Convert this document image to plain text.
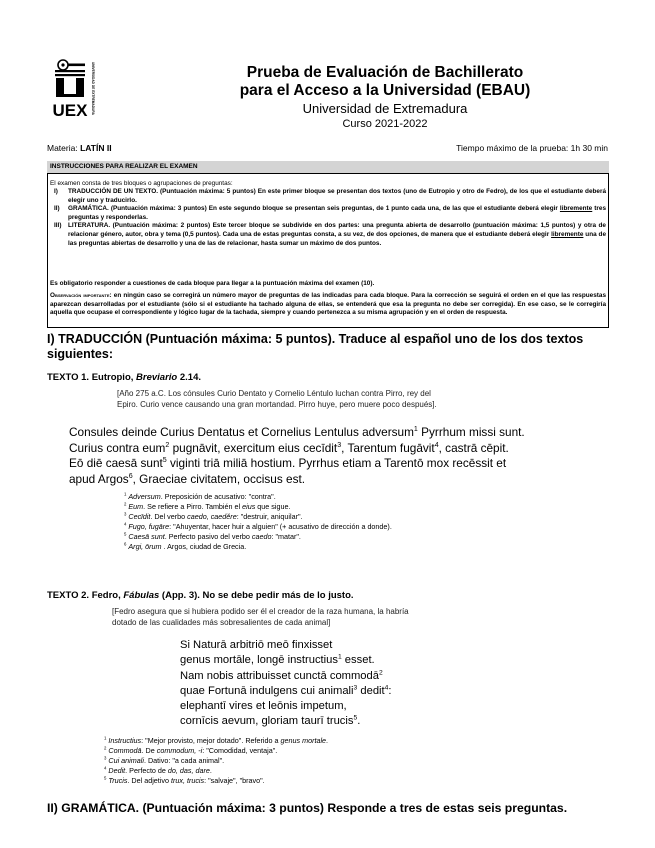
UEX UNIVERSIDAD DE EXTREMADURA	Prueba de Evaluación de Bachillerato
para el Acceso a la Universidad (EBAU)
Universidad de Extremadura
Curso 2021-2022
Materia: LATÍN II	Tiempo máximo de la prueba: 1h 30 min
INSTRUCCIONES PARA REALIZAR EL EXAMEN
El examen consta de tres bloques o agrupaciones de preguntas:
I)	TRADUCCIÓN DE UN TEXTO. (Puntuación máxima: 5 puntos) En este primer bloque se presentan dos textos (uno de Eutropio y otro de Fedro), de los que el estudiante deberá elegir uno y traducirlo.
II)	GRAMÁTICA. (Puntuación máxima: 3 puntos) En este segundo bloque se presentan seis preguntas, de 1 punto cada una, de las que el estudiante deberá elegir libremente tres preguntas y responderlas.
III)	LITERATURA. (Puntuación máxima: 2 puntos) Este tercer bloque se subdivide en dos partes: una pregunta abierta de desarrollo (puntuación máxima: 1,5 puntos) y otra de relacionar género, autor, obra y tema (0,5 puntos). Cada una de estas preguntas consta, a su vez, de dos opciones, de manera que el estudiante deberá elegir libremente una de las preguntas abiertas de desarrollo y una de las de relacionar, hasta sumar un máximo de dos puntos.
Es obligatorio responder a cuestiones de cada bloque para llegar a la puntuación máxima del examen (10).
Observación importante: en ningún caso se corregirá un número mayor de preguntas de las indicadas para cada bloque. Para la corrección se seguirá el orden en el que las respuestas aparezcan desarrolladas por el estudiante (sólo si el estudiante ha tachado alguna de ellas, se entenderá que esa la pregunta no debe ser corregida). En ese caso, se le corregiría aquella que ocupase el correspondiente y lógico lugar de la tachada, siempre y cuando pertenezca a su misma agrupación y en el orden de respuesta.
I) TRADUCCIÓN (Puntuación máxima: 5 puntos). Traduce al español uno de los dos textos
siguientes:
TEXTO 1. Eutropio, Breviario 2.14.
[Año 275 a.C. Los cónsules Curio Dentato y Cornelio Léntulo luchan contra Pirro, rey del
Epiro. Curio vence causando una gran mortandad. Pirro huye, pero muere poco después].
Consules deinde Curius Dentatus et Cornelius Lentulus adversum$^1$ Pyrrhum missi sunt.
Curius contra eum$^2$ pugnāvit, exercitum eius cecīdit$^3$, Tarentum fugāvit$^4$, castrā cēpit.
Eō diē caesā sunt$^5$ viginti triā miliā hostium. Pyrrhus etiam a Tarentō mox recēssit et
apud Argos$^6$, Graeciae civitatem, occisus est.
$^1$ Adversum. Preposición de acusativo: "contra".
$^2$ Eum. Se refiere a Pirro. También el eius que sigue.
$^3$ Cecīdit. Del verbo caedo, caedĕre: "destruir, aniquilar".
$^4$ Fugo, fugāre: "Ahuyentar, hacer huir a alguien" (+ acusativo de dirección a donde).
$^5$ Caesā sunt. Perfecto pasivo del verbo caedo: "matar".
$^6$ Argi, ōrum . Argos, ciudad de Grecia.
TEXTO 2. Fedro, Fábulas (App. 3). No se debe pedir más de lo justo.
[Fedro asegura que si hubiera podido ser él el creador de la raza humana, la habría
dotado de las cualidades más sobresalientes de cada animal]
Si Naturā arbitriō meō finxisset
genus mortāle, longē instructius$^1$ esset.
Nam nobis attribuisset cunctā commodā$^2$
quae Fortunā indulgens cui animali$^3$ dedit$^4$:
elephantī vires et leōnis impetum,
cornīcis aevum, gloriam taurī trucis$^5$.
$^1$ Instructius: "Mejor provisto, mejor dotado". Referido a genus mortale.
$^2$ Commodā. De commodum, -i: "Comodidad, ventaja".
$^3$ Cui animali. Dativo: "a cada animal".
$^4$ Dedit. Perfecto de do, das, dare.
$^5$ Trucis. Del adjetivo trux, trucis: "salvaje", "bravo".
II) GRAMÁTICA. (Puntuación máxima: 3 puntos) Responde a tres de estas seis preguntas.
